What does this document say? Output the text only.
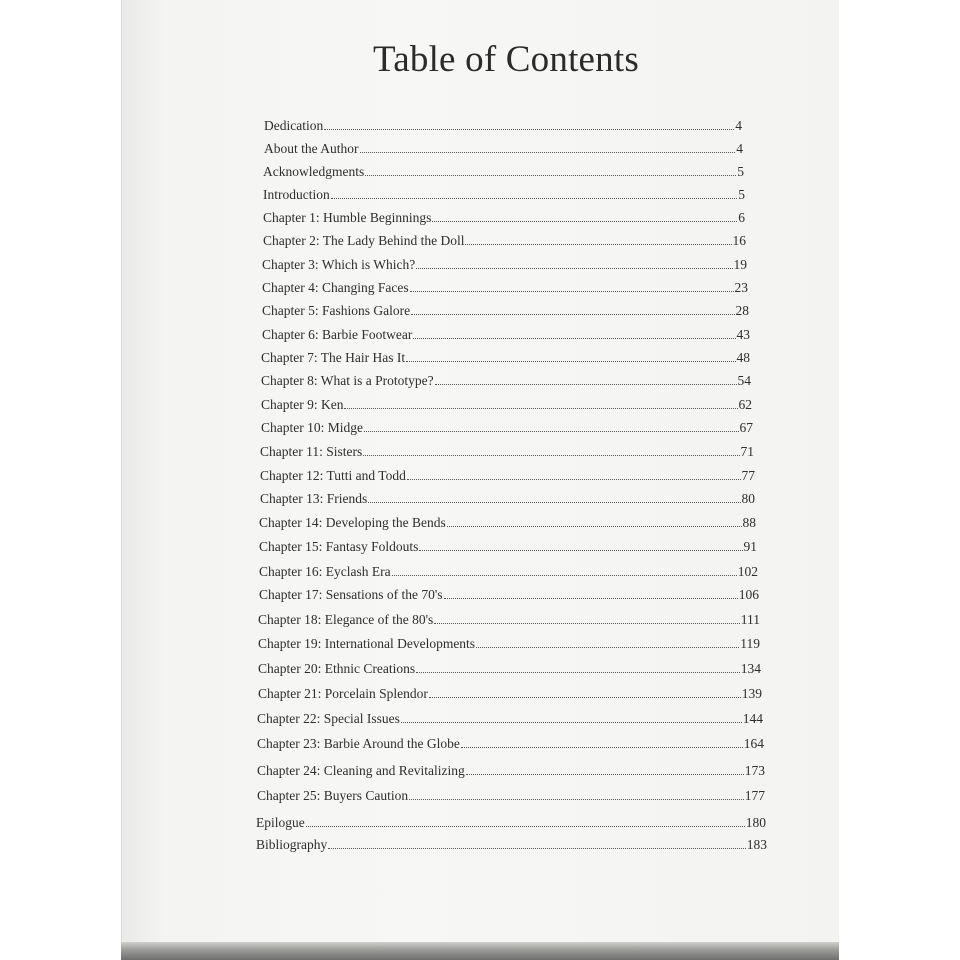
Table of Contents
Dedication	4
About the Author	4
Acknowledgments	5
Introduction	5
Chapter 1: Humble Beginnings	6
Chapter 2: The Lady Behind the Doll	16
Chapter 3: Which is Which?	19
Chapter 4: Changing Faces	23
Chapter 5: Fashions Galore	28
Chapter 6: Barbie Footwear	43
Chapter 7: The Hair Has It	48
Chapter 8: What is a Prototype?	54
Chapter 9: Ken	62
Chapter 10: Midge	67
Chapter 11: Sisters	71
Chapter 12: Tutti and Todd	77
Chapter 13: Friends	80
Chapter 14: Developing the Bends	88
Chapter 15: Fantasy Foldouts	91
Chapter 16: Eyclash Era	102
Chapter 17: Sensations of the 70's	106
Chapter 18: Elegance of the 80's	111
Chapter 19: International Developments	119
Chapter 20: Ethnic Creations	134
Chapter 21: Porcelain Splendor	139
Chapter 22: Special Issues	144
Chapter 23: Barbie Around the Globe	164
Chapter 24: Cleaning and Revitalizing	173
Chapter 25: Buyers Caution	177
Epilogue	180
Bibliography	183
